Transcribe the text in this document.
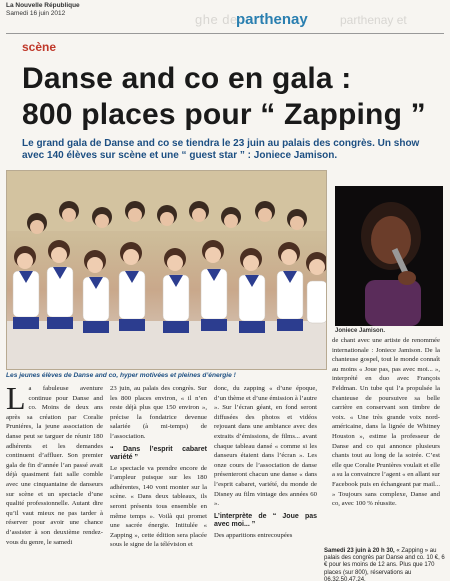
La Nouvelle République
Samedi 16 juin 2012	ghe de
parthenay	parthenay et
scène
Danse and co en gala :
800 places pour “ Zapping ”
Le grand gala de Danse and co se tiendra le 23 juin au palais des congrès. Un show avec 140 élèves sur scène et une “ guest star ” : Joniece Jamison.
Joniece Jamison.
Les jeunes élèves de Danse and co, hyper motivées et pleines d’énergie !
L a fabuleuse aventure continue pour Danse and co. Moins de deux ans après sa création par Coralie Pruniéres, la jeune association de danse peut se targuer de réunir 180 adhérents et les demandes continuent d’affluer. Son premier gala de fin d’année l’an passé avait déjà quasiment fait salle comble avec une cinquantaine de danseurs sur scène et un spectacle d’une qualité professionnelle. Autant dire qu’il vaut mieux ne pas tarder à réserver pour avoir une chance d’assister à son deuxième rendez-vous du genre, le samedi

23 juin, au palais des congrès. Sur les 800 places environ, « il n’en reste déjà plus que 150 environ », précise la fondatrice devenue salariée (à mi-temps) de l’association.

“ Dans l’esprit cabaret variété ”

Le spectacle va prendre encore de l’ampleur puisque sur les 180 adhérentes, 140 vont monter sur la scène. « Dans deux tableaux, ils seront présents tous ensemble en même temps ». Voilà qui promet une sacrée énergie. Intitulée « Zapping », cette édition sera placée sous le signe de la télévision et

donc, du zapping « d’une époque, d’un thème et d’une émission à l’autre ». Sur l’écran géant, en fond seront diffusées des photos et vidéos rejouant dans une ambiance avec des extraits d’émissions, de films... avant chaque tableau dansé « comme si les danseurs étaient dans l’écran ». Les onze cours de l’association de danse présenteront chacun une danse « dans l’esprit cabaret, variété, du monde de Disney au film vintage des années 60 ».

L’interprète de “ Joue pas avec moi... ”

Des apparitions entrecoupées

de chant avec une artiste de renommée internationale : Joniece Jamison. De la chanteuse gospel, tout le monde connaît au moins « Joue pas, pas avec moi... », interprété en duo avec François Feldman. Un tube qui l’a propulsée la chanteuse de poursuivre sa belle carrière en conservant son timbre de voix. « Une très grande voix nord-américaine, dans la lignée de Whitney Houston », estime la professeur de Danse and co qui annonce plusieurs chants tout au long de la soirée. C’est elle que Coralie Prunières voulait et elle a su la convaincre l’agent « en allant sur Facebook puis en échangeant par mail... » Toujours sans complexe, Danse and co, avec 100 % réussite.

Samedi 23 juin à 20 h 30, « Zapping » au palais des congrès par Danse and co. 10 €, 6 € pour les moins de 12 ans. Plus que 170 places (sur 800), réservations au 06.32.50.47.24.
